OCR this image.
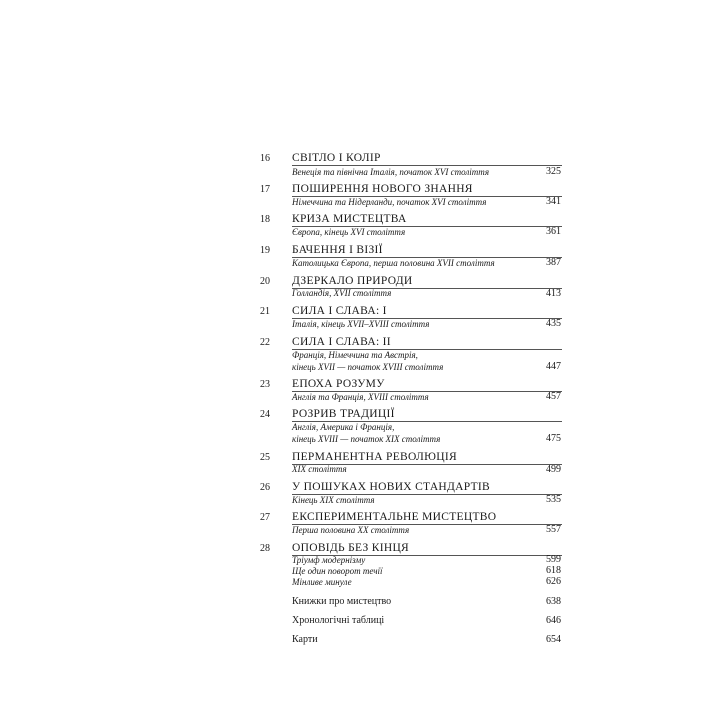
16 СВІТЛО І КОЛІР
Венеція та північна Італія, початок XVI століття	325
17 ПОШИРЕННЯ НОВОГО ЗНАННЯ
Німеччина та Нідерланди, початок XVI століття	341
18 КРИЗА МИСТЕЦТВА
Європа, кінець XVI століття	361
19 БАЧЕННЯ І ВІЗІЇ
Католицька Європа, перша половина XVII століття	387
20 ДЗЕРКАЛО ПРИРОДИ
Голландія, XVII століття	413
21 СИЛА І СЛАВА: І
Італія, кінець XVII–XVIII століття	435
22 СИЛА І СЛАВА: ІІ
Франція, Німеччина та Австрія,
кінець XVII — початок XVIII століття	447
23 ЕПОХА РОЗУМУ
Англія та Франція, XVIII століття	457
24 РОЗРИВ ТРАДИЦІЇ
Англія, Америка і Франція,
кінець XVIII — початок XIX століття	475
25 ПЕРМАНЕНТНА РЕВОЛЮЦІЯ
XIX століття	499
26 У ПОШУКАХ НОВИХ СТАНДАРТІВ
Кінець XIX століття	535
27 ЕКСПЕРИМЕНТАЛЬНЕ МИСТЕЦТВО
Перша половина XX століття	557
28 ОПОВІДЬ БЕЗ КІНЦЯ
Тріумф модернізму	599
Ще один поворот течії	618
Мінливе минуле	626
Книжки про мистецтво	638
Хронологічні таблиці	646
Карти	654
